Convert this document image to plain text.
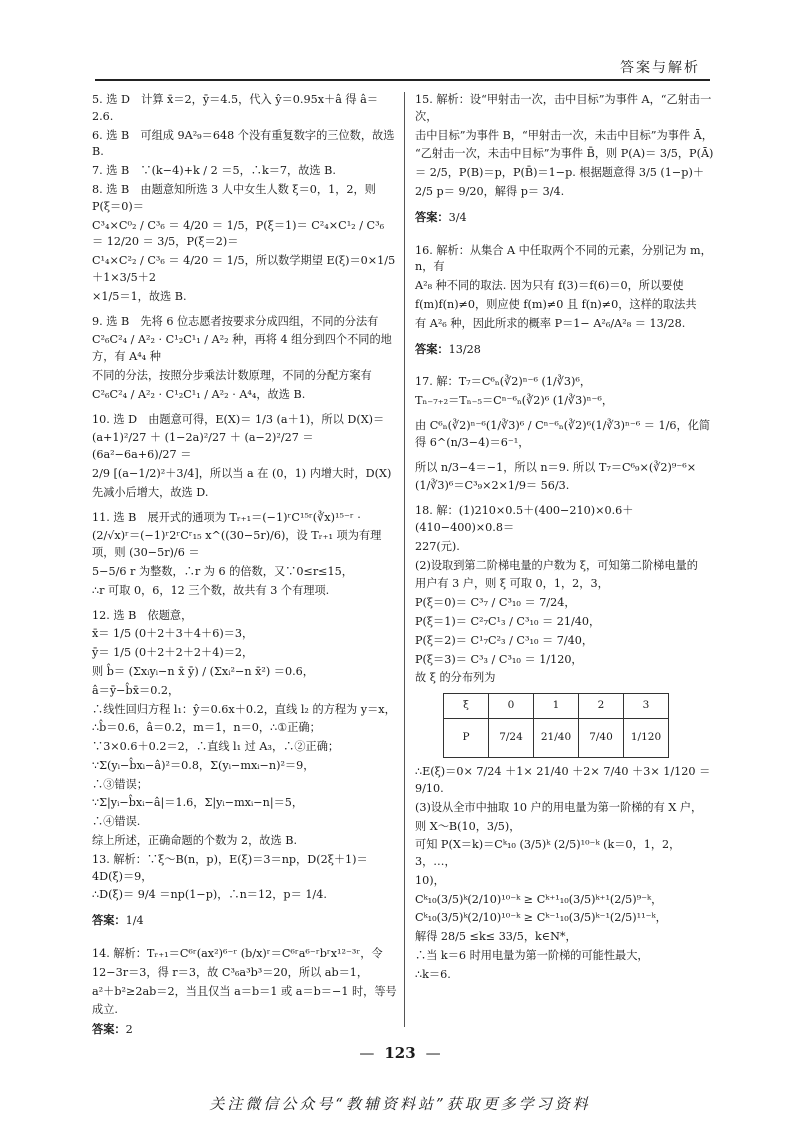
答案与解析

5. 选 D　计算 x̄＝2，ȳ＝4.5，代入 ŷ＝0.95x＋â 得 â＝2.6.

6. 选 B　可组成 9A²₉＝648 个没有重复数字的三位数，故选 B.

7. 选 B　∵(k−4)+k / 2 ＝5，∴k＝7，故选 B.

8. 选 B　由题意知所选 3 人中女生人数 ξ＝0，1，2，则 P(ξ＝0)＝

C³₄×C⁰₂ / C³₆ ＝ 4/20 ＝ 1/5，P(ξ＝1)＝ C²₄×C¹₂ / C³₆ ＝ 12/20 ＝ 3/5，P(ξ＝2)＝

C¹₄×C²₂ / C³₆ ＝ 4/20 ＝ 1/5，所以数学期望 E(ξ)＝0×1/5＋1×3/5＋2

×1/5＝1，故选 B.

9. 选 B　先将 6 位志愿者按要求分成四组，不同的分法有

C²₆C²₄ / A²₂ · C¹₂C¹₁ / A²₂ 种，再将 4 组分到四个不同的地方，有 A⁴₄ 种

不同的分法，按照分步乘法计数原理，不同的分配方案有

C²₆C²₄ / A²₂ · C¹₂C¹₁ / A²₂ · A⁴₄，故选 B.

10. 选 D　由题意可得，E(X)＝ 1/3 (a＋1)，所以 D(X)＝

(a+1)²/27 ＋ (1−2a)²/27 ＋ (a−2)²/27 ＝ (6a²−6a+6)/27 ＝

2/9 [(a−1/2)²＋3/4]，所以当 a 在 (0，1) 内增大时，D(X)

先减小后增大，故选 D.

11. 选 B　展开式的通项为 Tᵣ₊₁＝(−1)ʳC¹⁵ʳ(∛x)¹⁵⁻ʳ ·

(2/√x)ʳ＝(−1)ʳ2ʳCʳ₁₅ x^((30−5r)/6)，设 Tᵣ₊₁ 项为有理项，则 (30−5r)/6 ＝

5−5/6 r 为整数，∴r 为 6 的倍数，又∵0≤r≤15，

∴r 可取 0，6，12 三个数，故共有 3 个有理项.

12. 选 B　依题意，

x̄＝ 1/5 (0＋2＋3＋4＋6)＝3，

ȳ＝ 1/5 (0＋2＋2＋2＋4)＝2，

则 b̂＝ (Σxᵢyᵢ−n x̄ ȳ) / (Σxᵢ²−n x̄²) ＝0.6，

â＝ȳ−b̂x̄＝0.2，

∴线性回归方程 l₁：ŷ＝0.6x＋0.2，直线 l₂ 的方程为 y＝x，

∴b̂＝0.6，â＝0.2，m＝1，n＝0，∴①正确；

∵3×0.6＋0.2＝2，∴直线 l₁ 过 A₃，∴②正确；

∵Σ(yᵢ−b̂xᵢ−â)²＝0.8，Σ(yᵢ−mxᵢ−n)²＝9，

∴③错误；

∵Σ|yᵢ−b̂xᵢ−â|＝1.6，Σ|yᵢ−mxᵢ−n|＝5，

∴④错误.

综上所述，正确命题的个数为 2，故选 B.

13. 解析：∵ξ～B(n，p)，E(ξ)＝3＝np，D(2ξ＋1)＝4D(ξ)＝9，

∴D(ξ)＝ 9/4 ＝np(1−p)，∴n＝12，p＝ 1/4.

答案：1/4

14. 解析：Tᵣ₊₁＝C⁶ʳ(ax²)⁶⁻ʳ (b/x)ʳ＝C⁶ʳa⁶⁻ʳbʳx¹²⁻³ʳ，令

12−3r＝3，得 r＝3，故 C³₆a³b³＝20，所以 ab＝1，

a²＋b²≥2ab＝2，当且仅当 a＝b＝1 或 a＝b＝−1 时，等号

成立.

答案：2

15. 解析：设“甲射击一次，击中目标”为事件 A，“乙射击一次，

击中目标”为事件 B，“甲射击一次，未击中目标”为事件 Ā，

“乙射击一次，未击中目标”为事件 B̄，则 P(A)＝ 3/5，P(Ā)

＝ 2/5，P(B)＝p，P(B̄)＝1−p. 根据题意得 3/5 (1−p)＋

2/5 p＝ 9/20，解得 p＝ 3/4.

答案：3/4

16. 解析：从集合 A 中任取两个不同的元素，分别记为 m，n，有

A²₈ 种不同的取法. 因为只有 f(3)＝f(6)＝0，所以要使

f(m)f(n)≠0，则应使 f(m)≠0 且 f(n)≠0，这样的取法共

有 A²₆ 种，因此所求的概率 P＝1− A²₆/A²₈ ＝ 13/28.

答案：13/28

17. 解：T₇＝C⁶ₙ(∛2)ⁿ⁻⁶ (1/∛3)⁶，

Tₙ₋₇₊₂＝Tₙ₋₅＝Cⁿ⁻⁶ₙ(∛2)⁶ (1/∛3)ⁿ⁻⁶，

由 C⁶ₙ(∛2)ⁿ⁻⁶(1/∛3)⁶ / Cⁿ⁻⁶ₙ(∛2)⁶(1/∛3)ⁿ⁻⁶ ＝ 1/6，化简得 6^(n/3−4)＝6⁻¹，

所以 n/3−4＝−1，所以 n＝9. 所以 T₇＝C⁶₉×(∛2)⁹⁻⁶×

(1/∛3)⁶＝C³₉×2×1/9＝ 56/3.

18. 解：(1)210×0.5＋(400−210)×0.6＋(410−400)×0.8＝

227(元).

(2)设取到第二阶梯电量的户数为 ξ，可知第二阶梯电量的

用户有 3 户，则 ξ 可取 0，1，2，3，

P(ξ＝0)＝ C³₇ / C³₁₀ ＝ 7/24，

P(ξ＝1)＝ C²₇C¹₃ / C³₁₀ ＝ 21/40，

P(ξ＝2)＝ C¹₇C²₃ / C³₁₀ ＝ 7/40，

P(ξ＝3)＝ C³₃ / C³₁₀ ＝ 1/120，

故 ξ 的分布列为

ξ	0	1	2	3
P	7/24	21/40	7/40	1/120

∴E(ξ)＝0× 7/24 ＋1× 21/40 ＋2× 7/40 ＋3× 1/120 ＝ 9/10.

(3)设从全市中抽取 10 户的用电量为第一阶梯的有 X 户，

则 X～B(10，3/5)，

可知 P(X＝k)＝Cᵏ₁₀ (3/5)ᵏ (2/5)¹⁰⁻ᵏ (k＝0，1，2，3，…，

10)，

Cᵏ₁₀(3/5)ᵏ(2/10)¹⁰⁻ᵏ ≥ Cᵏ⁺¹₁₀(3/5)ᵏ⁺¹(2/5)⁹⁻ᵏ，

Cᵏ₁₀(3/5)ᵏ(2/10)¹⁰⁻ᵏ ≥ Cᵏ⁻¹₁₀(3/5)ᵏ⁻¹(2/5)¹¹⁻ᵏ，

解得 28/5 ≤k≤ 33/5，k∈N*，

∴当 k＝6 时用电量为第一阶梯的可能性最大，

∴k＝6.

— 123 —
关注微信公众号“教辅资料站”获取更多学习资料
